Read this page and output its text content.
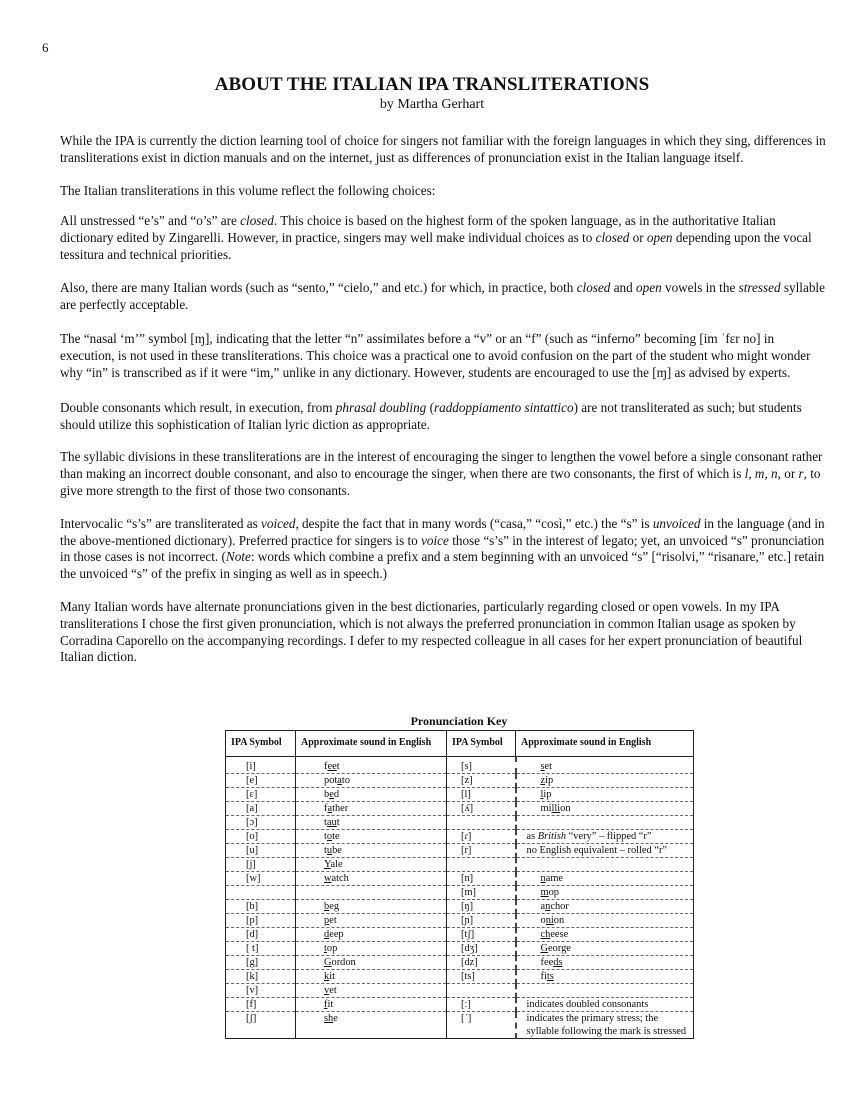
6
ABOUT THE ITALIAN IPA TRANSLITERATIONS
by Martha Gerhart

While the IPA is currently the diction learning tool of choice for singers not familiar with the foreign languages in which they sing, differences in transliterations exist in diction manuals and on the internet, just as differences of pronunciation exist in the Italian language itself.

The Italian transliterations in this volume reflect the following choices:

All unstressed “e’s” and “o’s” are closed. This choice is based on the highest form of the spoken language, as in the authoritative Italian dictionary edited by Zingarelli. However, in practice, singers may well make individual choices as to closed or open depending upon the vocal tessitura and technical priorities.

Also, there are many Italian words (such as “sento,” “cielo,” and etc.) for which, in practice, both closed and open vowels in the stressed syllable are perfectly acceptable.

The “nasal ‘m’” symbol [ɱ], indicating that the letter “n” assimilates before a “v” or an “f” (such as “inferno” becoming [im ˈfɛr no] in execution, is not used in these transliterations. This choice was a practical one to avoid confusion on the part of the student who might wonder why “in” is transcribed as if it were “im,” unlike in any dictionary. However, students are encouraged to use the [ɱ] as advised by experts.

Double consonants which result, in execution, from phrasal doubling (raddoppiamento sintattico) are not transliterated as such; but students should utilize this sophistication of Italian lyric diction as appropriate.

The syllabic divisions in these transliterations are in the interest of encouraging the singer to lengthen the vowel before a single consonant rather than making an incorrect double consonant, and also to encourage the singer, when there are two consonants, the first of which is l, m, n, or r, to give more strength to the first of those two consonants.

Intervocalic “s’s” are transliterated as voiced, despite the fact that in many words (“casa,” “così,” etc.) the “s” is unvoiced in the language (and in the above-mentioned dictionary). Preferred practice for singers is to voice those “s’s” in the interest of legato; yet, an unvoiced “s” pronunciation in those cases is not incorrect. (Note: words which combine a prefix and a stem beginning with an unvoiced “s” [“risolvi,” “risanare,” etc.] retain the unvoiced “s” of the prefix in singing as well as in speech.)

Many Italian words have alternate pronunciations given in the best dictionaries, particularly regarding closed or open vowels. In my IPA transliterations I chose the first given pronunciation, which is not always the preferred pronunciation in common Italian usage as spoken by Corradina Caporello on the accompanying recordings. I defer to my respected colleague in all cases for her expert pronunciation of beautiful Italian diction.

Pronunciation Key
IPA Symbol	Approximate sound in English	IPA Symbol	Approximate sound in English
[i]	feet	[s]	set
[e]	potato	[z]	zip
[ɛ]	bed	[l]	lip
[a]	father	[ʎ]	million
[ɔ]	taut		
[o]	tote	[ɾ]	as British “very” – flipped “r”
[u]	tube	[r]	no English equivalent – rolled “r”
[j]	Yale		
[w]	watch	[n]	name
		[m]	mop
[b]	beg	[ŋ]	anchor
[p]	pet	[ɲ]	onion
[d]	deep	[tʃ]	cheese
[ t]	top	[dʒ]	George
[g]	Gordon	[dz]	feeds
[k]	kit	[ts]	fits
[v]	vet		
[f]	fit	[ː]	indicates doubled consonants
[ʃ]	she	[ˈ]	indicates the primary stress; the syllable following the mark is stressed
